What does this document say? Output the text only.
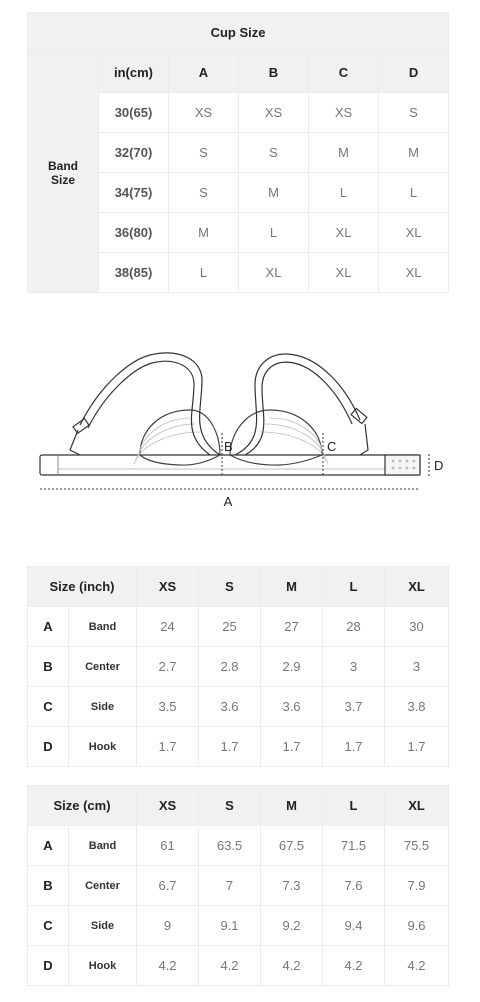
Cup Size					
Band
Size	in(cm)	A	B	C	D
	30(65)	XS	XS	XS	S
	32(70)	S	S	M	M
	34(75)	S	M	L	L
	36(80)	M	L	XL	XL
	38(85)	L	XL	XL	XL
A
B	C
D
Size (inch)		XS	S	M	L	XL
A	Band	24	25	27	28	30
B	Center	2.7	2.8	2.9	3	3
C	Side	3.5	3.6	3.6	3.7	3.8
D	Hook	1.7	1.7	1.7	1.7	1.7
Size (cm)		XS	S	M	L	XL
A	Band	61	63.5	67.5	71.5	75.5
B	Center	6.7	7	7.3	7.6	7.9
C	Side	9	9.1	9.2	9.4	9.6
D	Hook	4.2	4.2	4.2	4.2	4.2
